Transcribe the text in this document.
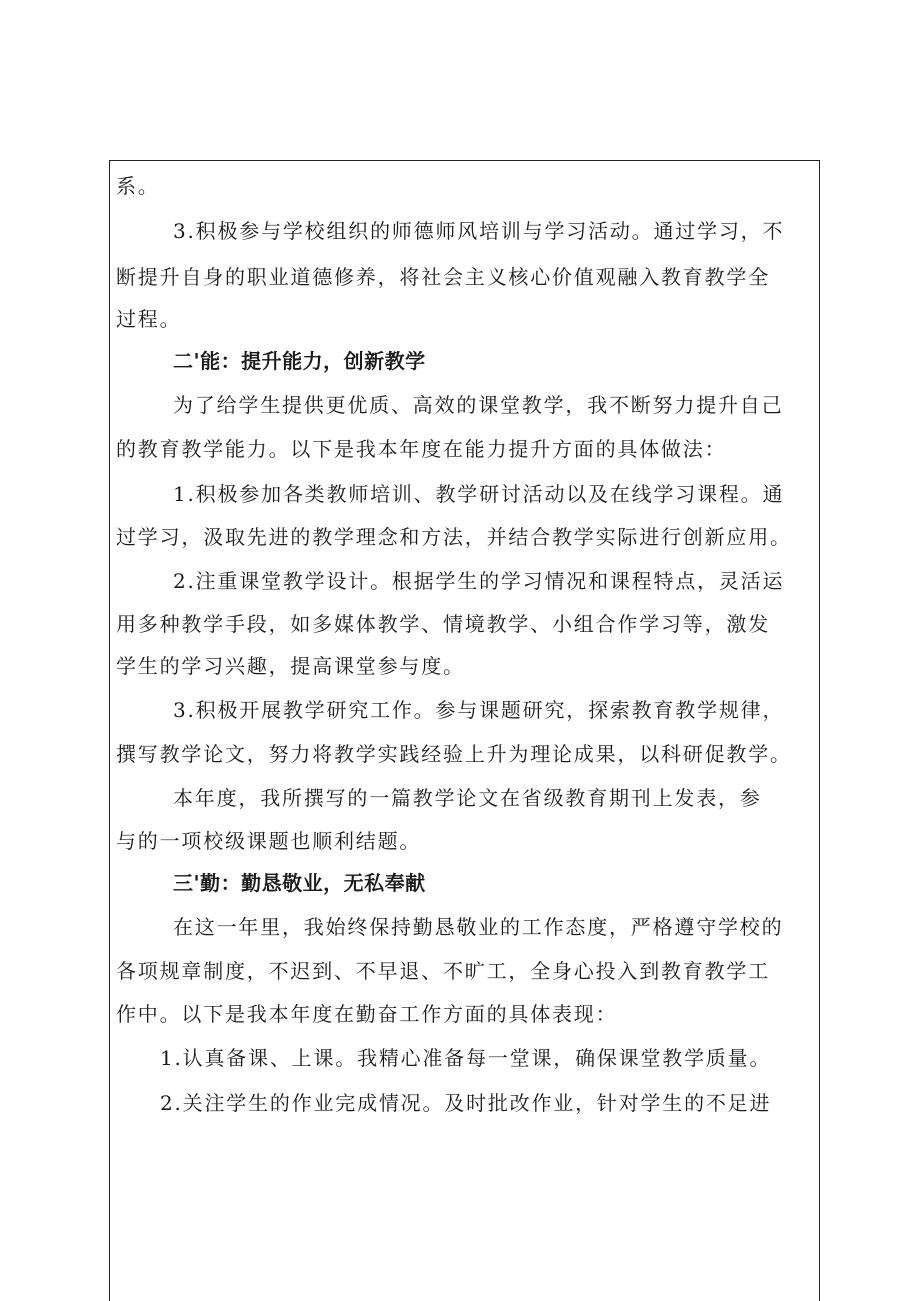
系。
3.积极参与学校组织的师德师风培训与学习活动。通过学习，不
断提升自身的职业道德修养，将社会主义核心价值观融入教育教学全
过程。
二'能：提升能力，创新教学
为了给学生提供更优质、高效的课堂教学，我不断努力提升自己
的教育教学能力。以下是我本年度在能力提升方面的具体做法：
1.积极参加各类教师培训、教学研讨活动以及在线学习课程。通
过学习，汲取先进的教学理念和方法，并结合教学实际进行创新应用。
2.注重课堂教学设计。根据学生的学习情况和课程特点，灵活运
用多种教学手段，如多媒体教学、情境教学、小组合作学习等，激发
学生的学习兴趣，提高课堂参与度。
3.积极开展教学研究工作。参与课题研究，探索教育教学规律，
撰写教学论文，努力将教学实践经验上升为理论成果，以科研促教学。
本年度，我所撰写的一篇教学论文在省级教育期刊上发表，参
与的一项校级课题也顺利结题。
三'勤：勤恳敬业，无私奉献
在这一年里，我始终保持勤恳敬业的工作态度，严格遵守学校的
各项规章制度，不迟到、不早退、不旷工，全身心投入到教育教学工
作中。以下是我本年度在勤奋工作方面的具体表现：
1.认真备课、上课。我精心准备每一堂课，确保课堂教学质量。
2.关注学生的作业完成情况。及时批改作业，针对学生的不足进
